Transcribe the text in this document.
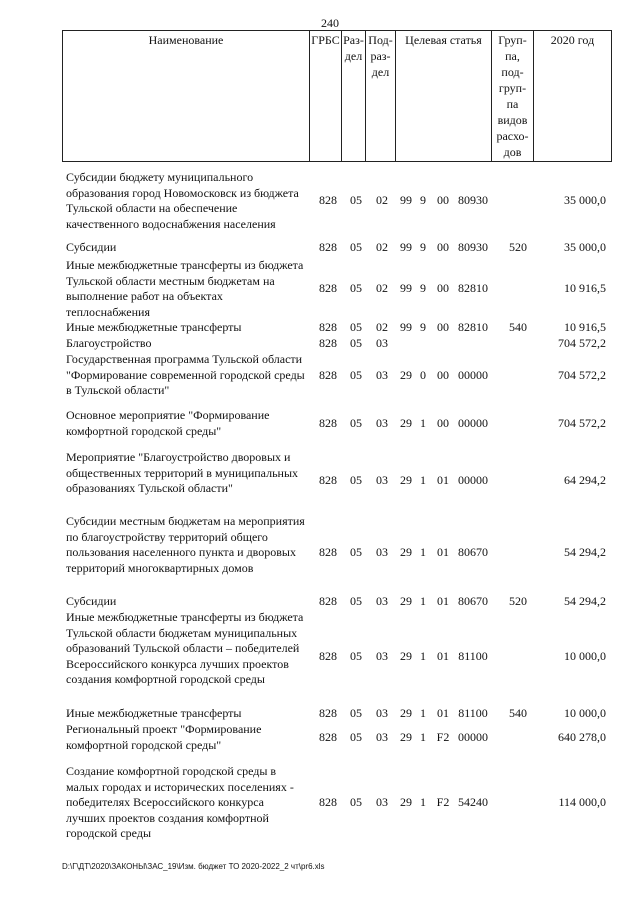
240
Наименование	ГРБС	Раз-
дел	Под-
раз-
дел	Целевая статья	Груп-
па,
под-
груп-
па
видов
расхо-
дов	2020 год
Субсидии бюджету муниципального образования город Новомосковск из бюджета Тульской области на обеспечение качественного водоснабжения населения
828	05	02	99 9 00 80930	35 000,0
Субсидии	828	05	02	99 9 00 80930	520	35 000,0
Иные межбюджетные трансферты из бюджета Тульской области местным бюджетам на выполнение работ на объектах теплоснабжения
828	05	02	99 9 00 82810	10 916,5
Иные межбюджетные трансферты	828	05	02	99 9 00 82810	540	10 916,5
Благоустройство	828	05	03	704 572,2
Государственная программа Тульской области "Формирование современной городской среды в Тульской области"
828	05	03	29 0 00 00000	704 572,2
Основное мероприятие "Формирование комфортной городской среды"
828	05	03	29 1 00 00000	704 572,2
Мероприятие "Благоустройство дворовых и общественных территорий в муниципальных образованиях Тульской области"
828	05	03	29 1 01 00000	64 294,2
Субсидии местным бюджетам на мероприятия по благоустройству территорий общего пользования населенного пункта и дворовых территорий многоквартирных домов
828	05	03	29 1 01 80670	54 294,2
Субсидии	828	05	03	29 1 01 80670	520	54 294,2
Иные межбюджетные трансферты из бюджета Тульской области бюджетам муниципальных образований Тульской области – победителей Всероссийского конкурса лучших проектов создания комфортной городской среды
828	05	03	29 1 01 81100	10 000,0
Иные межбюджетные трансферты	828	05	03	29 1 01 81100	540	10 000,0
Региональный проект "Формирование комфортной городской среды"
828	05	03	29 1 F2 00000	640 278,0
Создание комфортной городской среды в малых городах и исторических поселениях - победителях Всероссийского конкурса лучших проектов создания комфортной городской среды
828	05	03	29 1 F2 54240	114 000,0
D:\Г\ДТ\2020\ЗАКОНЫ\ЗАС_19\Изм. бюджет ТО 2020-2022_2 чт\pr6.xls
